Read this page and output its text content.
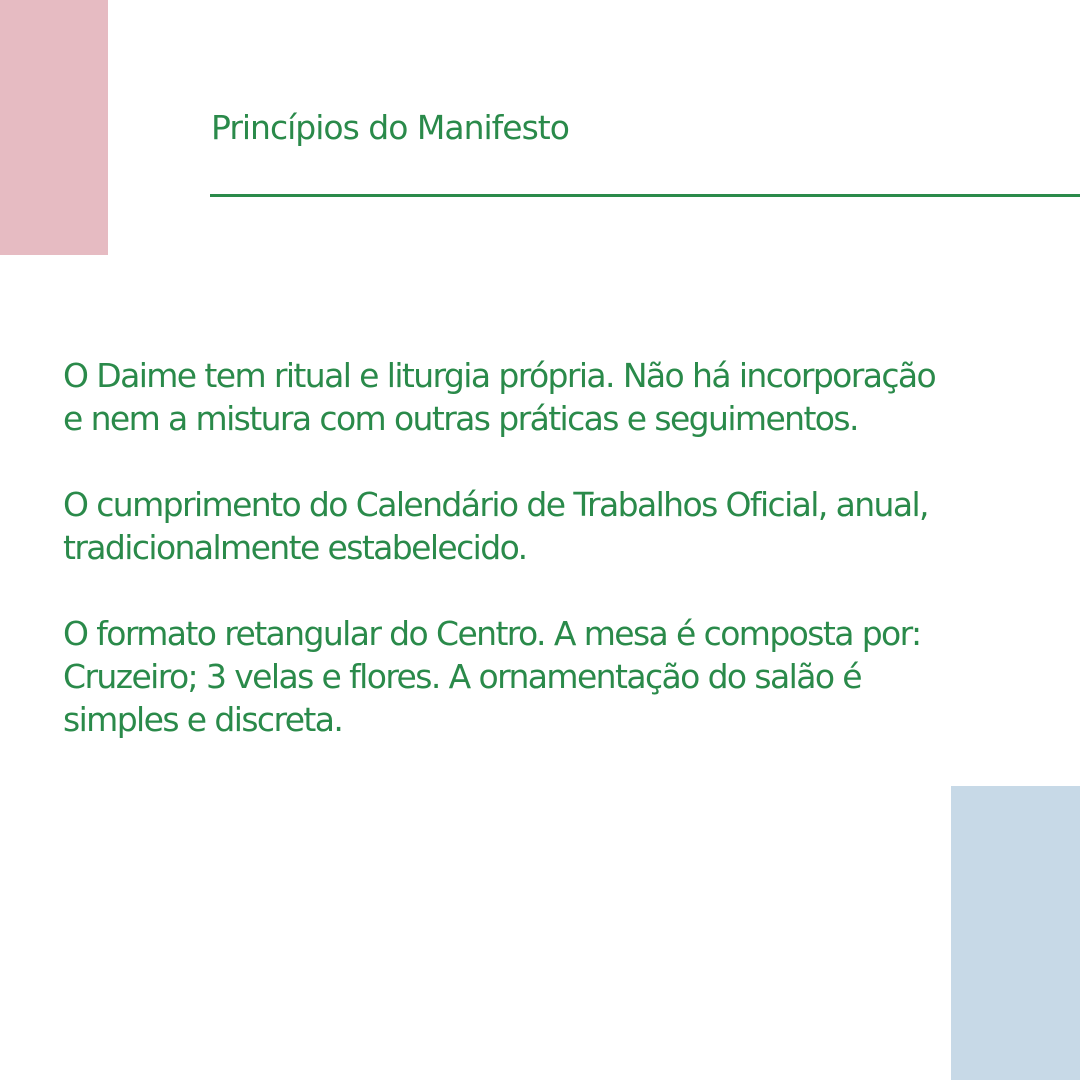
Princípios do Manifesto

O Daime tem ritual e liturgia própria. Não há incorporação e nem a mistura com outras práticas e seguimentos.

O cumprimento do Calendário de Trabalhos Oficial, anual, tradicionalmente estabelecido.

O formato retangular do Centro. A mesa é composta por: Cruzeiro; 3 velas e flores. A ornamentação do salão é simples e discreta.
